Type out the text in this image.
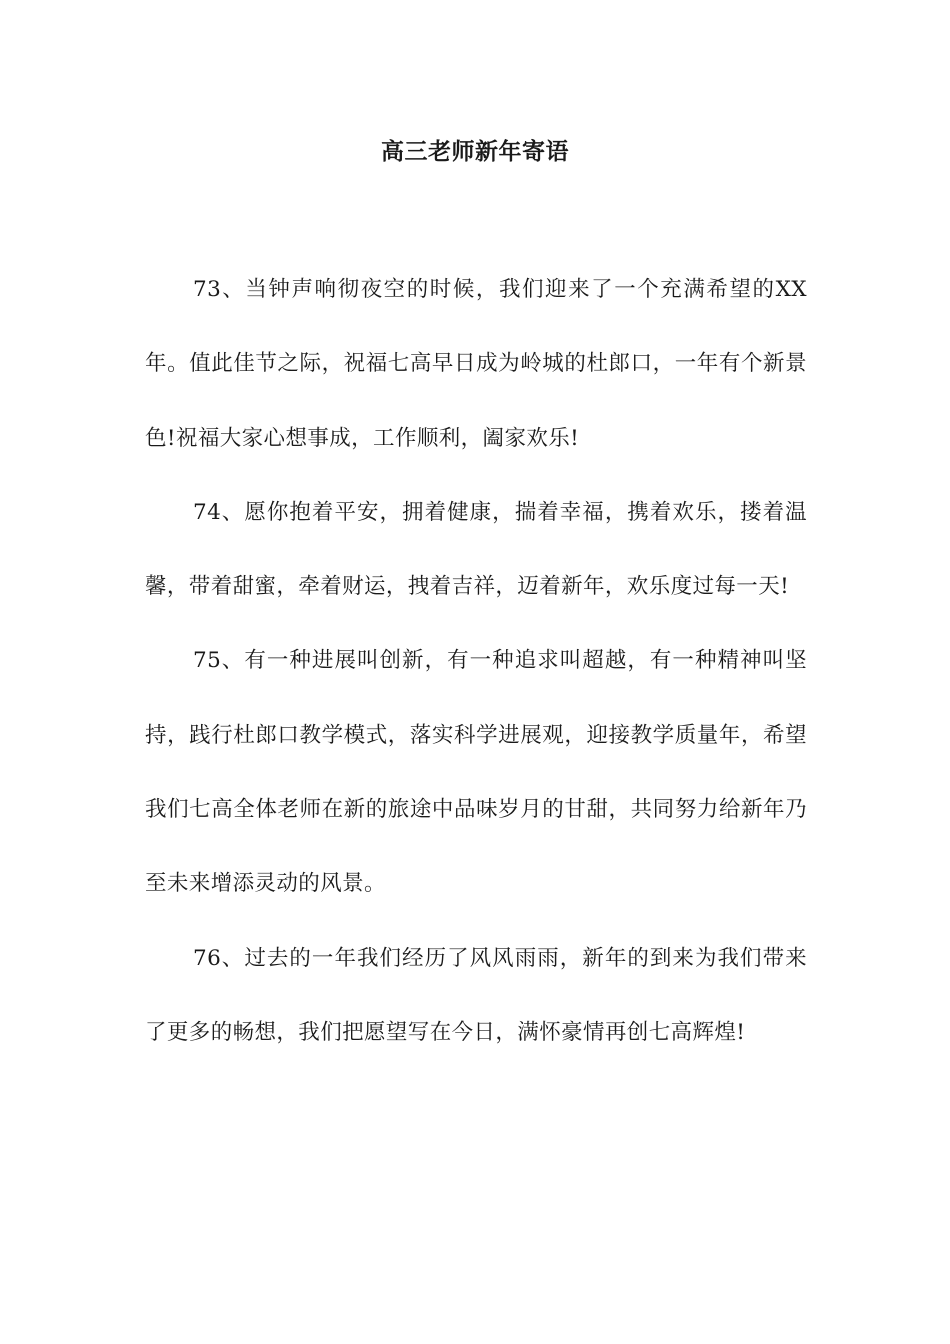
高三老师新年寄语

73、当钟声响彻夜空的时候，我们迎来了一个充满希望的XX年。值此佳节之际，祝福七高早日成为岭城的杜郎口，一年有个新景色!祝福大家心想事成，工作顺利，阖家欢乐!

74、愿你抱着平安，拥着健康，揣着幸福，携着欢乐，搂着温馨，带着甜蜜，牵着财运，拽着吉祥，迈着新年，欢乐度过每一天!

75、有一种进展叫创新，有一种追求叫超越，有一种精神叫坚持，践行杜郎口教学模式，落实科学进展观，迎接教学质量年，希望我们七高全体老师在新的旅途中品味岁月的甘甜，共同努力给新年乃至未来增添灵动的风景。

76、过去的一年我们经历了风风雨雨，新年的到来为我们带来了更多的畅想，我们把愿望写在今日，满怀豪情再创七高辉煌!
